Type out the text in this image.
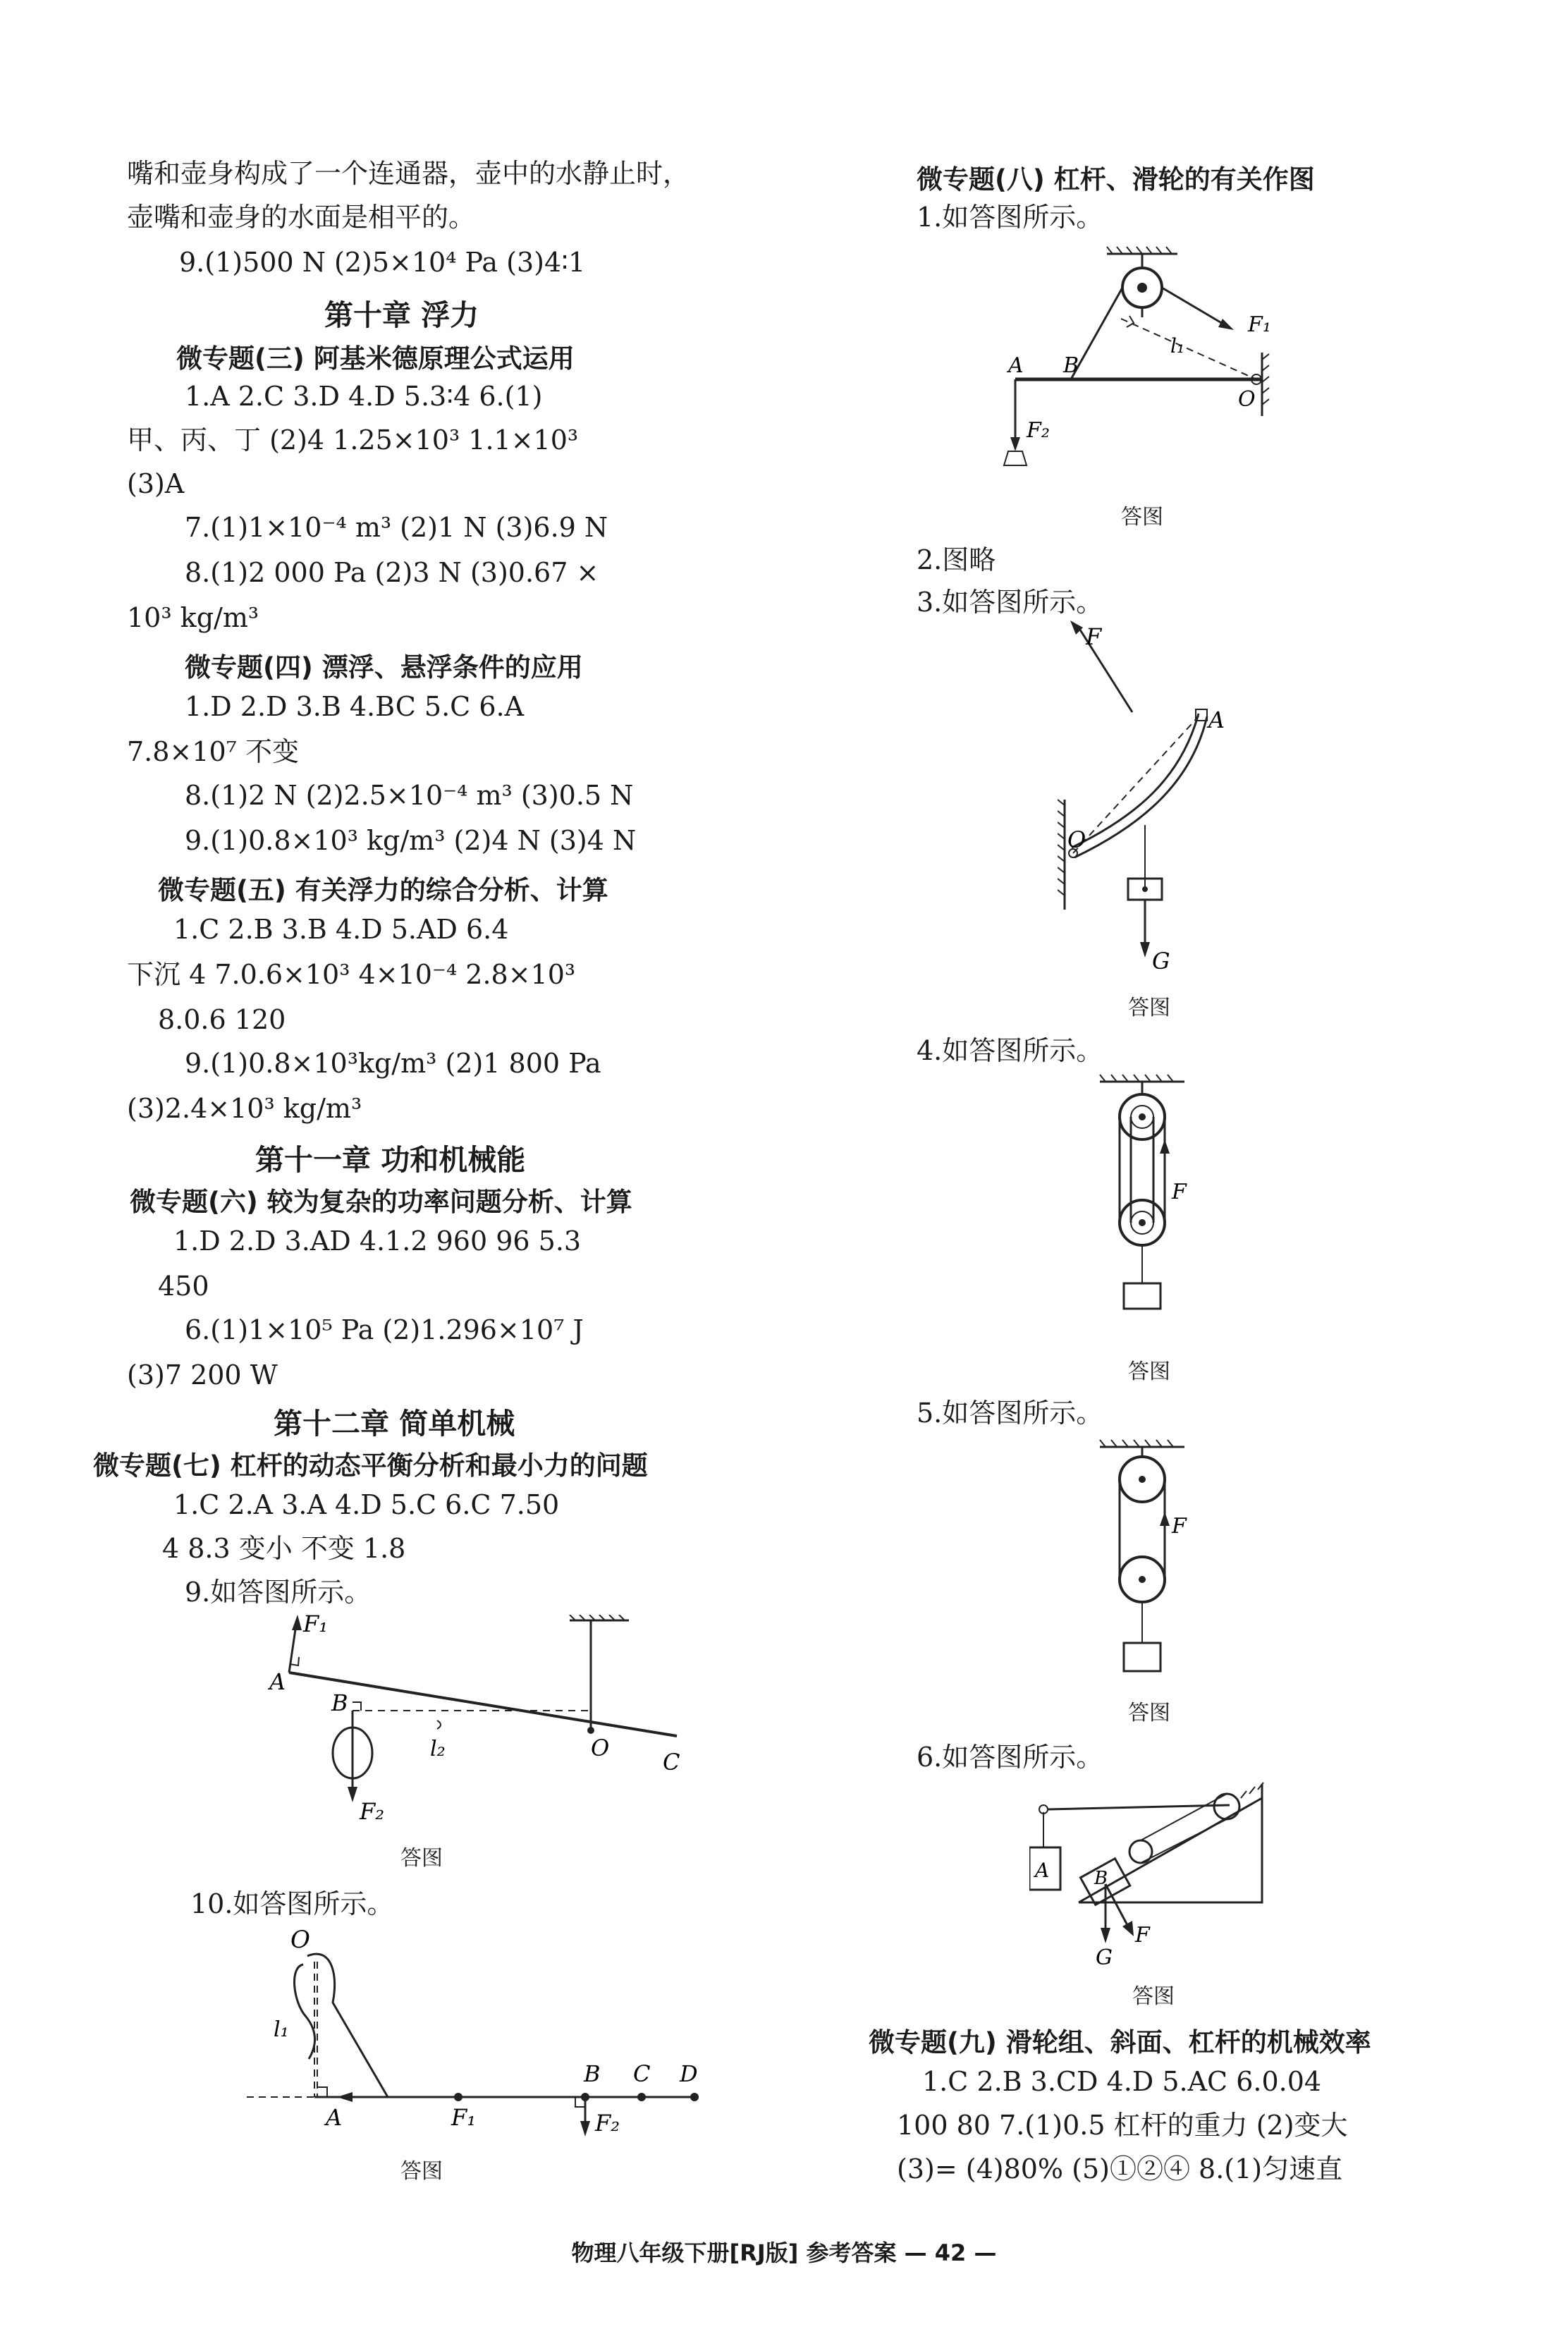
嘴和壶身构成了一个连通器，壶中的水静止时，
壶嘴和壶身的水面是相平的。
9.(1)500 N (2)5×10⁴ Pa (3)4∶1
第十章 浮力
微专题(三) 阿基米德原理公式运用
1.A 2.C 3.D 4.D 5.3∶4 6.(1)
甲、丙、丁 (2)4 1.25×10³ 1.1×10³
(3)A
7.(1)1×10⁻⁴ m³ (2)1 N (3)6.9 N
8.(1)2 000 Pa (2)3 N (3)0.67 ×
10³ kg/m³
微专题(四) 漂浮、悬浮条件的应用
1.D 2.D 3.B 4.BC 5.C 6.A
7.8×10⁷ 不变
8.(1)2 N (2)2.5×10⁻⁴ m³ (3)0.5 N
9.(1)0.8×10³ kg/m³ (2)4 N (3)4 N
微专题(五) 有关浮力的综合分析、计算
1.C 2.B 3.B 4.D 5.AD 6.4
下沉 4 7.0.6×10³ 4×10⁻⁴ 2.8×10³
8.0.6 120
9.(1)0.8×10³kg/m³ (2)1 800 Pa
(3)2.4×10³ kg/m³
第十一章 功和机械能
微专题(六) 较为复杂的功率问题分析、计算
1.D 2.D 3.AD 4.1.2 960 96 5.3
450
6.(1)1×10⁵ Pa (2)1.296×10⁷ J
(3)7 200 W
第十二章 简单机械
微专题(七) 杠杆的动态平衡分析和最小力的问题
1.C 2.A 3.A 4.D 5.C 6.C 7.50
4 8.3 变小 不变 1.8
9.如答图所示。
F₁
A
B
O
C
l₂
F₂
答图
10.如答图所示。
O
l₁
A	F₁
B C D
F₂
答图
微专题(八) 杠杆、滑轮的有关作图
1.如答图所示。
F₁
A B
l₁
O
F₂
答图
2.图略
3.如答图所示。
F
A
O
G
答图
4.如答图所示。
F
答图
5.如答图所示。
F
答图
6.如答图所示。
A B
G
F
答图
微专题(九) 滑轮组、斜面、杠杆的机械效率
1.C 2.B 3.CD 4.D 5.AC 6.0.04
100 80 7.(1)0.5 杠杆的重力 (2)变大
(3)= (4)80% (5)①②④ 8.(1)匀速直
物理八年级下册[RJ版] 参考答案 — 42 —
